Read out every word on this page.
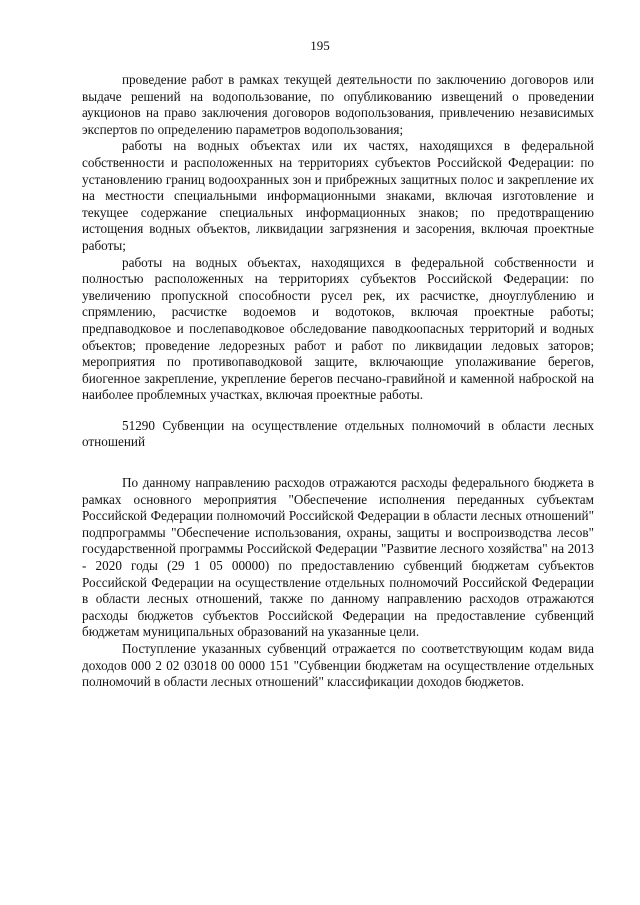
195

проведение работ в рамках текущей деятельности по заключению договоров или выдаче решений на водопользование, по опубликованию извещений о проведении аукционов на право заключения договоров водопользования, привлечению независимых экспертов по определению параметров водопользования;

работы на водных объектах или их частях, находящихся в федеральной собственности и расположенных на территориях субъектов Российской Федерации: по установлению границ водоохранных зон и прибрежных защитных полос и закрепление их на местности специальными информационными знаками, включая изготовление и текущее содержание специальных информационных знаков; по предотвращению истощения водных объектов, ликвидации загрязнения и засорения, включая проектные работы;

работы на водных объектах, находящихся в федеральной собственности и полностью расположенных на территориях субъектов Российской Федерации: по увеличению пропускной способности русел рек, их расчистке, дноуглублению и спрямлению, расчистке водоемов и водотоков, включая проектные работы; предпаводковое и послепаводковое обследование паводкоопасных территорий и водных объектов; проведение ледорезных работ и работ по ликвидации ледовых заторов; мероприятия по противопаводковой защите, включающие уполаживание берегов, биогенное закрепление, укрепление берегов песчано-гравийной и каменной наброской на наиболее проблемных участках, включая проектные работы.

51290 Субвенции на осуществление отдельных полномочий в области лесных отношений

По данному направлению расходов отражаются расходы федерального бюджета в рамках основного мероприятия "Обеспечение исполнения переданных субъектам Российской Федерации полномочий Российской Федерации в области лесных отношений" подпрограммы "Обеспечение использования, охраны, защиты и воспроизводства лесов" государственной программы Российской Федерации "Развитие лесного хозяйства" на 2013 - 2020 годы (29 1 05 00000) по предоставлению субвенций бюджетам субъектов Российской Федерации на осуществление отдельных полномочий Российской Федерации в области лесных отношений, также по данному направлению расходов отражаются расходы бюджетов субъектов Российской Федерации на предоставление субвенций бюджетам муниципальных образований на указанные цели.

Поступление указанных субвенций отражается по соответствующим кодам вида доходов 000 2 02 03018 00 0000 151 "Субвенции бюджетам на осуществление отдельных полномочий в области лесных отношений" классификации доходов бюджетов.
